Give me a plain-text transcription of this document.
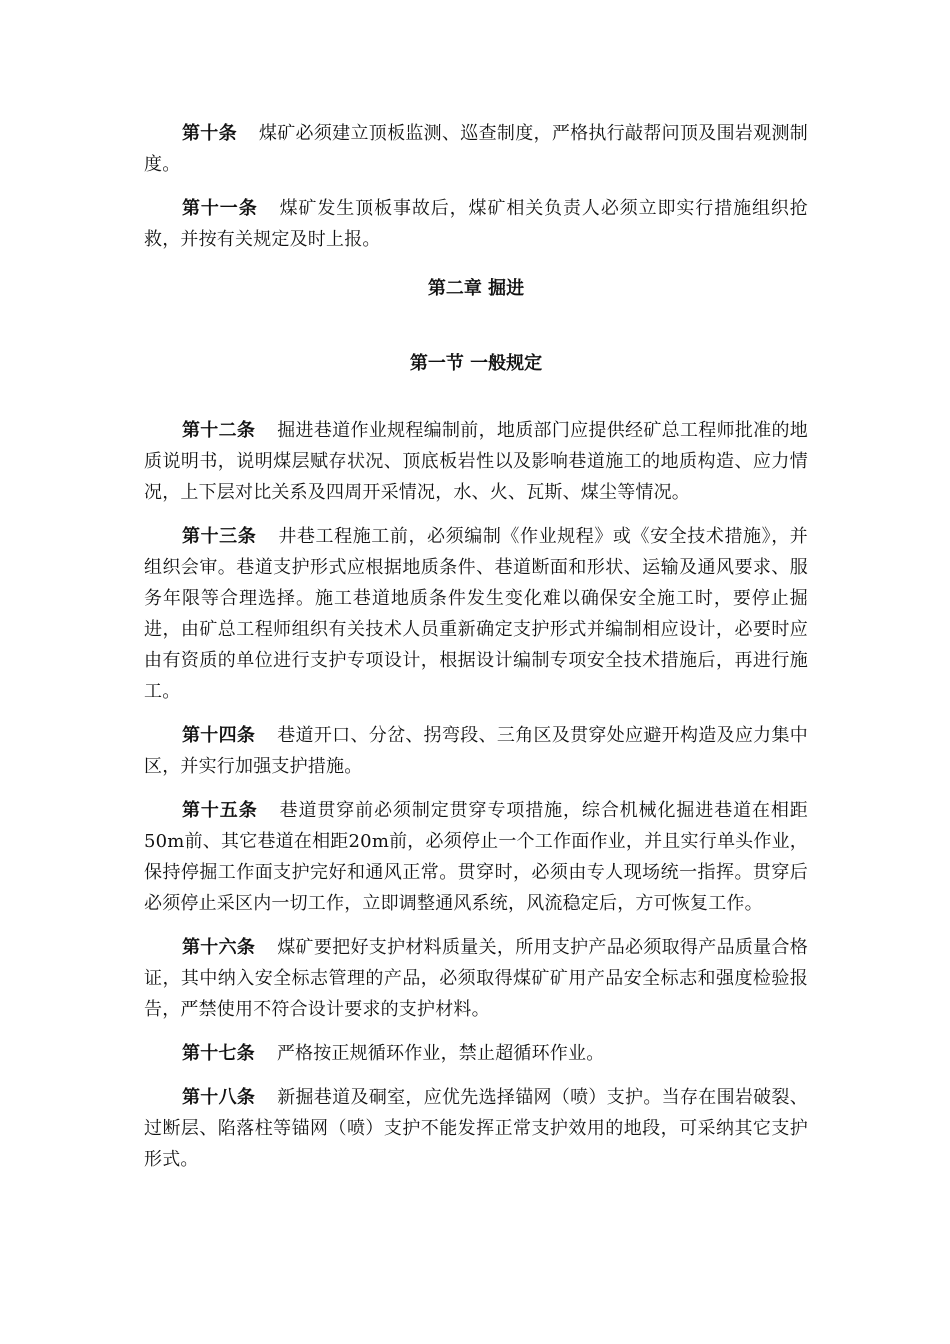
第十条 煤矿必须建立顶板监测、巡查制度，严格执行敲帮问顶及围岩观测制度。

第十一条 煤矿发生顶板事故后，煤矿相关负责人必须立即实行措施组织抢救，并按有关规定及时上报。

第二章 掘进
第一节 一般规定

第十二条 掘进巷道作业规程编制前，地质部门应提供经矿总工程师批准的地质说明书，说明煤层赋存状况、顶底板岩性以及影响巷道施工的地质构造、应力情况，上下层对比关系及四周开采情况，水、火、瓦斯、煤尘等情况。

第十三条 井巷工程施工前，必须编制《作业规程》或《安全技术措施》，并组织会审。巷道支护形式应根据地质条件、巷道断面和形状、运输及通风要求、服务年限等合理选择。施工巷道地质条件发生变化难以确保安全施工时，要停止掘进，由矿总工程师组织有关技术人员重新确定支护形式并编制相应设计，必要时应由有资质的单位进行支护专项设计，根据设计编制专项安全技术措施后，再进行施工。

第十四条 巷道开口、分岔、拐弯段、三角区及贯穿处应避开构造及应力集中区，并实行加强支护措施。

第十五条 巷道贯穿前必须制定贯穿专项措施，综合机械化掘进巷道在相距50m前、其它巷道在相距20m前，必须停止一个工作面作业，并且实行单头作业，保持停掘工作面支护完好和通风正常。贯穿时，必须由专人现场统一指挥。贯穿后必须停止采区内一切工作，立即调整通风系统，风流稳定后，方可恢复工作。

第十六条 煤矿要把好支护材料质量关，所用支护产品必须取得产品质量合格证，其中纳入安全标志管理的产品，必须取得煤矿矿用产品安全标志和强度检验报告，严禁使用不符合设计要求的支护材料。

第十七条 严格按正规循环作业，禁止超循环作业。

第十八条 新掘巷道及硐室，应优先选择锚网（喷）支护。当存在围岩破裂、过断层、陷落柱等锚网（喷）支护不能发挥正常支护效用的地段，可采纳其它支护形式。
